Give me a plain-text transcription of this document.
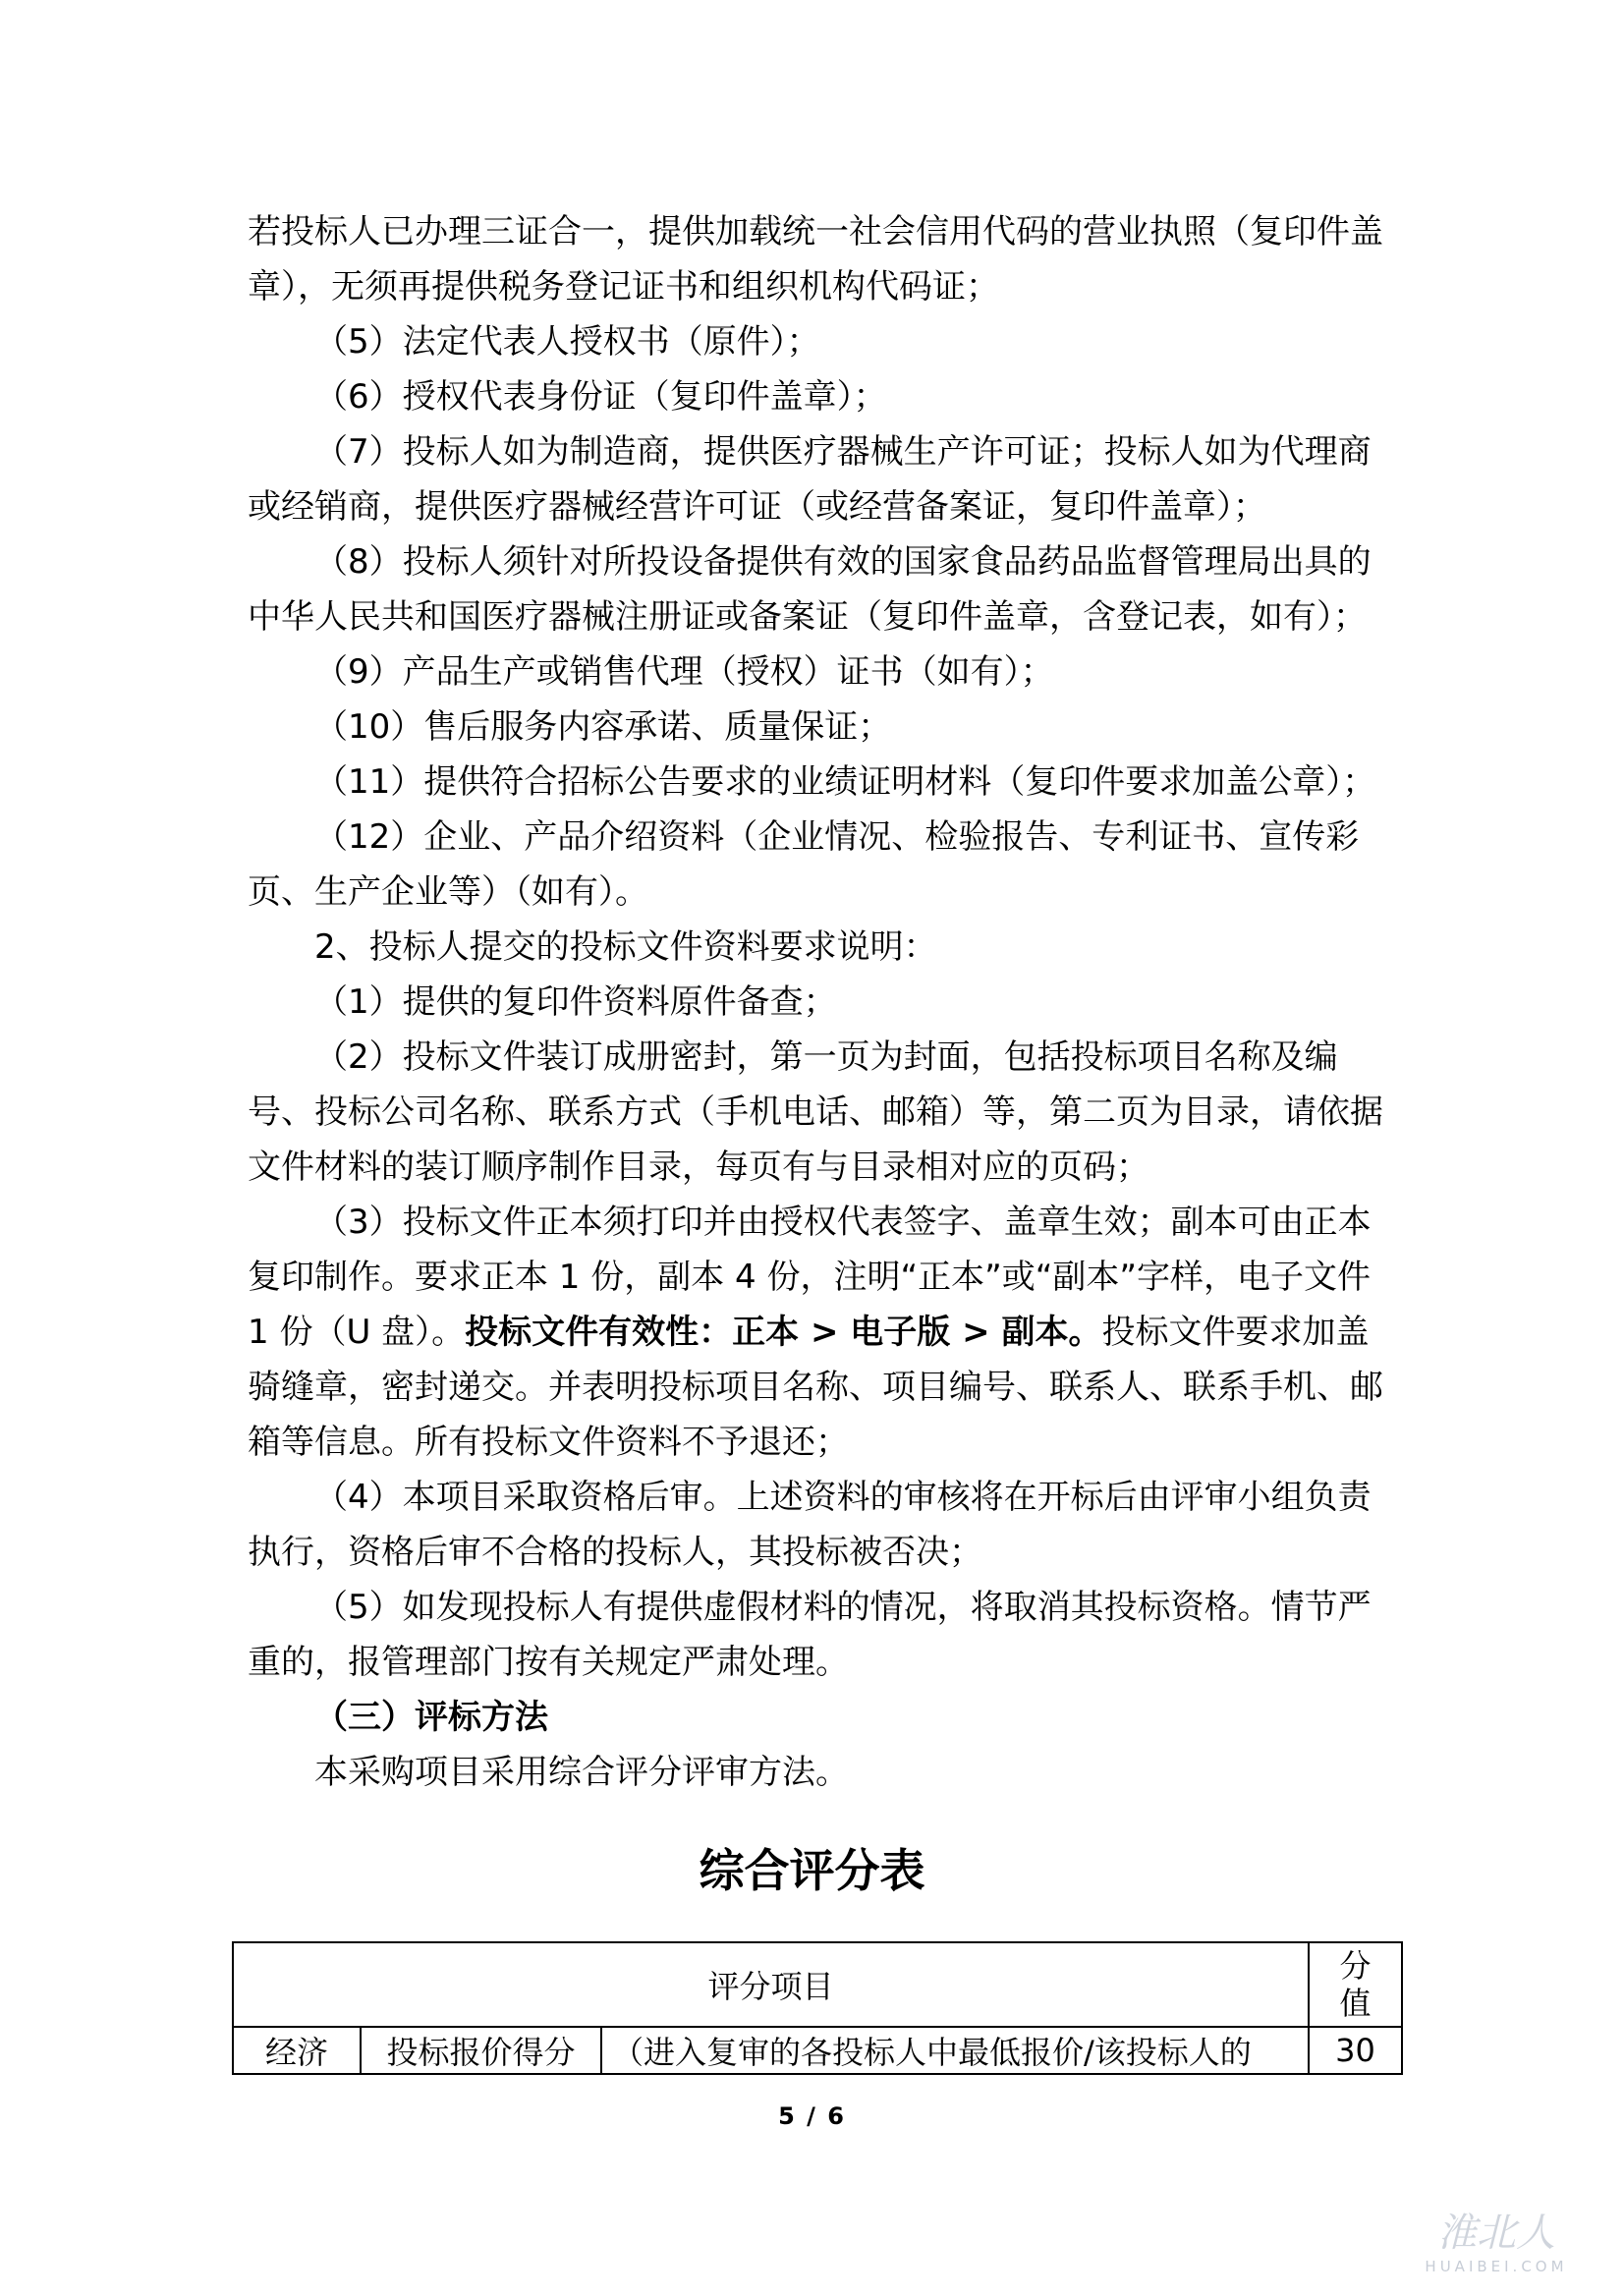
若投标人已办理三证合一，提供加载统一社会信用代码的营业执照（复印件盖章），无须再提供税务登记证书和组织机构代码证；

（5）法定代表人授权书（原件）；

（6）授权代表身份证（复印件盖章）；

（7）投标人如为制造商，提供医疗器械生产许可证；投标人如为代理商或经销商，提供医疗器械经营许可证（或经营备案证，复印件盖章）；

（8）投标人须针对所投设备提供有效的国家食品药品监督管理局出具的中华人民共和国医疗器械注册证或备案证（复印件盖章，含登记表，如有）；

（9）产品生产或销售代理（授权）证书（如有）；

（10）售后服务内容承诺、质量保证；

（11）提供符合招标公告要求的业绩证明材料（复印件要求加盖公章）；

（12）企业、产品介绍资料（企业情况、检验报告、专利证书、宣传彩页、生产企业等）（如有）。

2、投标人提交的投标文件资料要求说明：

（1）提供的复印件资料原件备查；

（2）投标文件装订成册密封，第一页为封面，包括投标项目名称及编号、投标公司名称、联系方式（手机电话、邮箱）等，第二页为目录，请依据文件材料的装订顺序制作目录，每页有与目录相对应的页码；

（3）投标文件正本须打印并由授权代表签字、盖章生效；副本可由正本复印制作。要求正本 1 份，副本 4 份，注明“正本”或“副本”字样，电子文件 1 份（U 盘）。投标文件有效性：正本 > 电子版 > 副本。投标文件要求加盖骑缝章，密封递交。并表明投标项目名称、项目编号、联系人、联系手机、邮箱等信息。所有投标文件资料不予退还；

（4）本项目采取资格后审。上述资料的审核将在开标后由评审小组负责执行，资格后审不合格的投标人，其投标被否决；

（5）如发现投标人有提供虚假材料的情况，将取消其投标资格。情节严重的，报管理部门按有关规定严肃处理。

（三）评标方法

本采购项目采用综合评分评审方法。

综合评分表
评分项目			分
值

经济	投标报价得分	（进入复审的各投标人中最低报价/该投标人的	30
5 / 6
淮北人
HUAIBEI.COM
